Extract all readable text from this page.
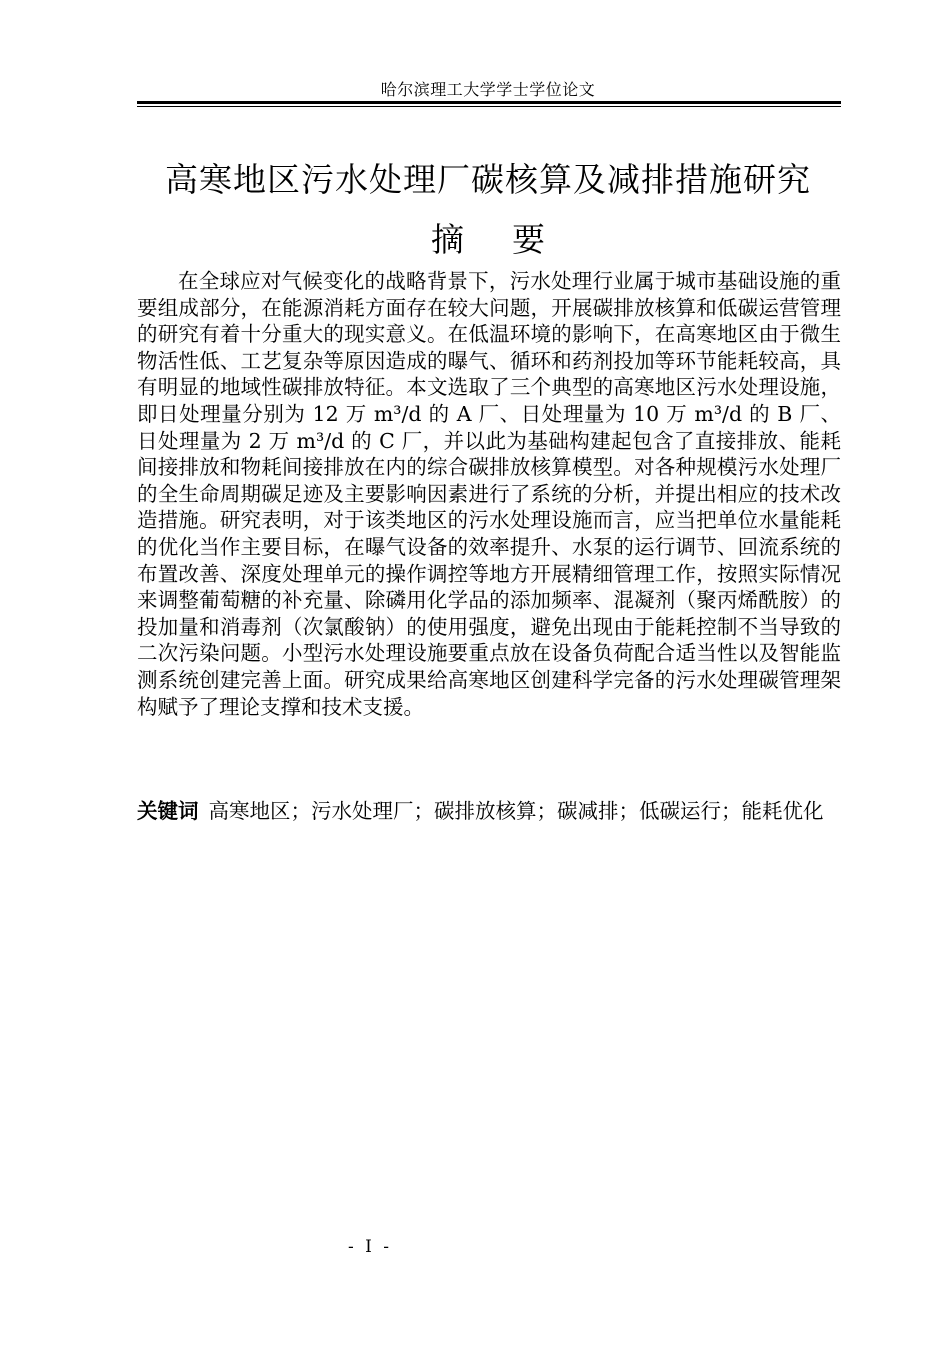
哈尔滨理工大学学士学位论文
高寒地区污水处理厂碳核算及减排措施研究
摘要

在全球应对气候变化的战略背景下，污水处理行业属于城市基础设施的重要组成部分，在能源消耗方面存在较大问题，开展碳排放核算和低碳运营管理的研究有着十分重大的现实意义。在低温环境的影响下，在高寒地区由于微生物活性低、工艺复杂等原因造成的曝气、循环和药剂投加等环节能耗较高，具有明显的地域性碳排放特征。本文选取了三个典型的高寒地区污水处理设施，即日处理量分别为 12 万 m³/d 的 A 厂、日处理量为 10 万 m³/d 的 B 厂、日处理量为 2 万 m³/d 的 C 厂，并以此为基础构建起包含了直接排放、能耗间接排放和物耗间接排放在内的综合碳排放核算模型。对各种规模污水处理厂的全生命周期碳足迹及主要影响因素进行了系统的分析，并提出相应的技术改造措施。研究表明，对于该类地区的污水处理设施而言，应当把单位水量能耗的优化当作主要目标，在曝气设备的效率提升、水泵的运行调节、回流系统的布置改善、深度处理单元的操作调控等地方开展精细管理工作，按照实际情况来调整葡萄糖的补充量、除磷用化学品的添加频率、混凝剂（聚丙烯酰胺）的投加量和消毒剂（次氯酸钠）的使用强度，避免出现由于能耗控制不当导致的二次污染问题。小型污水处理设施要重点放在设备负荷配合适当性以及智能监测系统创建完善上面。研究成果给高寒地区创建科学完备的污水处理碳管理架构赋予了理论支撑和技术支援。

关键词 高寒地区；污水处理厂；碳排放核算；碳减排；低碳运行；能耗优化

- I -
